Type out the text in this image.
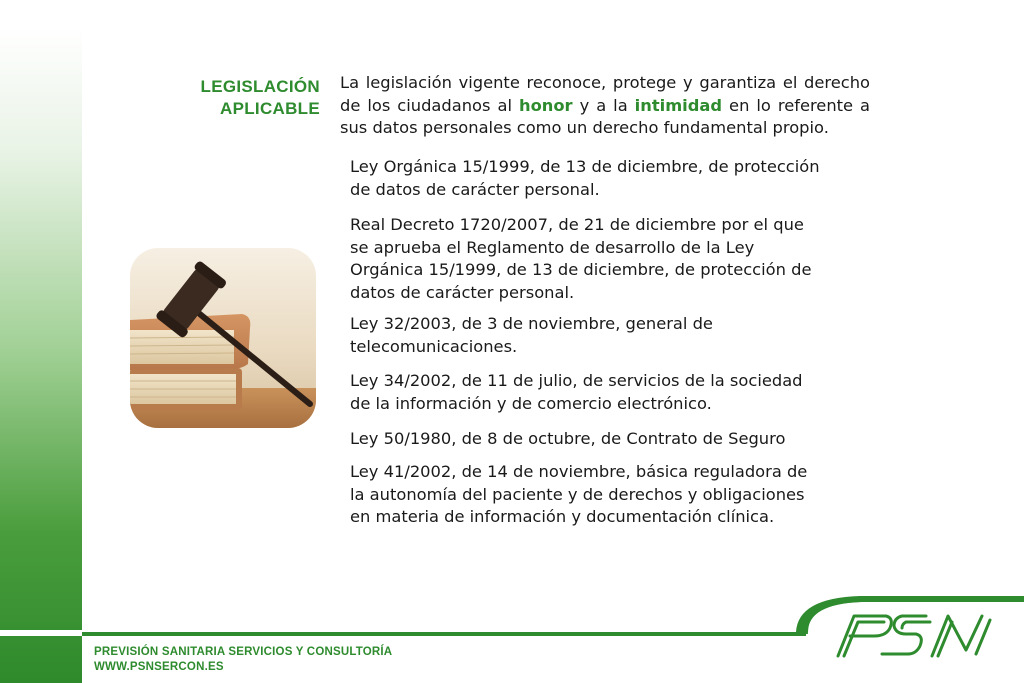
LEGISLACIÓN
APLICABLE
La legislación vigente reconoce, protege y garantiza el derecho de los ciudadanos al honor y a la intimidad en lo referente a sus datos personales como un derecho fundamental propio.
Ley Orgánica 15/1999, de 13 de diciembre, de protección de datos de carácter personal.
Real Decreto 1720/2007, de 21 de diciembre por el que se aprueba el Reglamento de desarrollo de la Ley Orgánica 15/1999, de 13 de diciembre, de protección de datos de carácter personal.
Ley 32/2003, de 3 de noviembre, general de telecomunicaciones.
Ley 34/2002, de 11 de julio, de servicios de la sociedad de la información y de comercio electrónico.
Ley 50/1980, de 8 de octubre, de Contrato de Seguro
Ley 41/2002, de 14 de noviembre, básica reguladora de la autonomía del paciente y de derechos y obligaciones en materia de información y documentación clínica.
PREVISIÓN SANITARIA SERVICIOS Y CONSULTORÍA
WWW.PSNSERCON.ES
